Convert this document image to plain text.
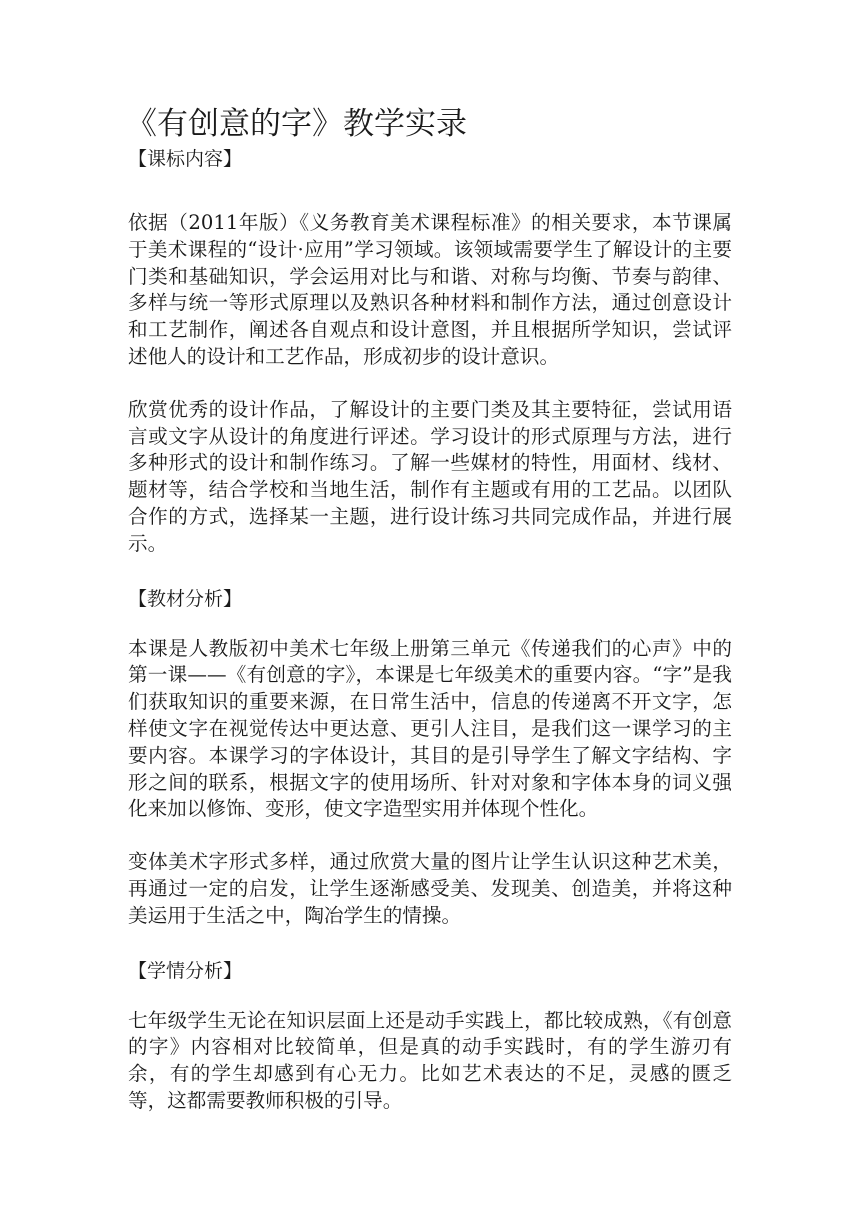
《有创意的字》教学实录
【课标内容】

依据（2011年版）《义务教育美术课程标准》的相关要求，本节课属于美术课程的“设计·应用”学习领域。该领域需要学生了解设计的主要门类和基础知识，学会运用对比与和谐、对称与均衡、节奏与韵律、多样与统一等形式原理以及熟识各种材料和制作方法，通过创意设计和工艺制作，阐述各自观点和设计意图，并且根据所学知识，尝试评述他人的设计和工艺作品，形成初步的设计意识。

欣赏优秀的设计作品，了解设计的主要门类及其主要特征，尝试用语言或文字从设计的角度进行评述。学习设计的形式原理与方法，进行多种形式的设计和制作练习。了解一些媒材的特性，用面材、线材、题材等，结合学校和当地生活，制作有主题或有用的工艺品。以团队合作的方式，选择某一主题，进行设计练习共同完成作品，并进行展示。

【教材分析】

本课是人教版初中美术七年级上册第三单元《传递我们的心声》中的第一课——《有创意的字》，本课是七年级美术的重要内容。“字”是我们获取知识的重要来源，在日常生活中，信息的传递离不开文字，怎样使文字在视觉传达中更达意、更引人注目，是我们这一课学习的主要内容。本课学习的字体设计，其目的是引导学生了解文字结构、字形之间的联系，根据文字的使用场所、针对对象和字体本身的词义强化来加以修饰、变形，使文字造型实用并体现个性化。

变体美术字形式多样，通过欣赏大量的图片让学生认识这种艺术美，再通过一定的启发，让学生逐渐感受美、发现美、创造美，并将这种美运用于生活之中，陶冶学生的情操。

【学情分析】

七年级学生无论在知识层面上还是动手实践上，都比较成熟，《有创意的字》内容相对比较简单，但是真的动手实践时，有的学生游刃有余，有的学生却感到有心无力。比如艺术表达的不足，灵感的匮乏等，这都需要教师积极的引导。
